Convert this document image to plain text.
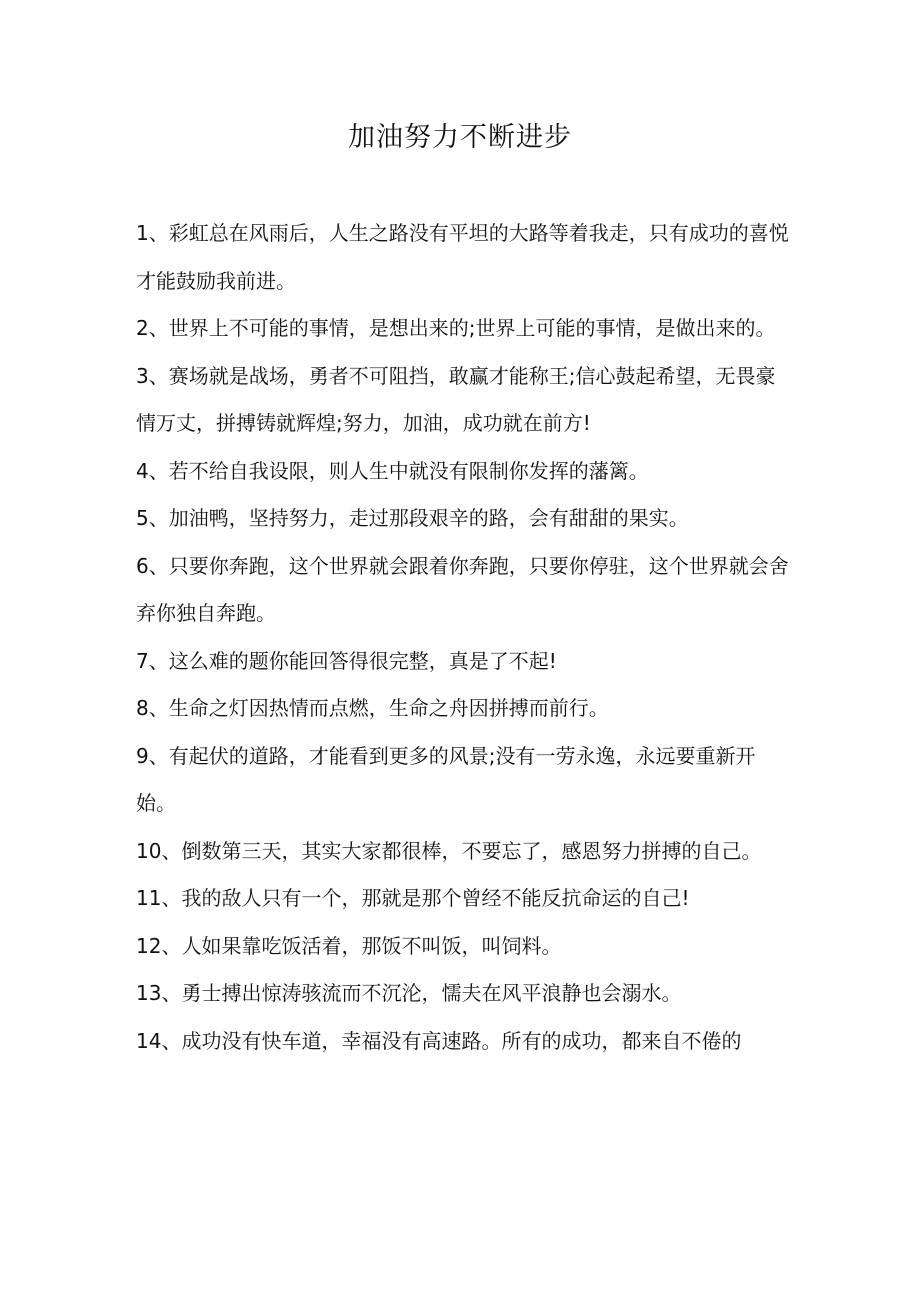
加油努力不断进步

1、彩虹总在风雨后，人生之路没有平坦的大路等着我走，只有成功的喜悦才能鼓励我前进。

2、世界上不可能的事情，是想出来的;世界上可能的事情，是做出来的。

3、赛场就是战场，勇者不可阻挡，敢赢才能称王;信心鼓起希望，无畏豪情万丈，拼搏铸就辉煌;努力，加油，成功就在前方!

4、若不给自我设限，则人生中就没有限制你发挥的藩篱。

5、加油鸭，坚持努力，走过那段艰辛的路，会有甜甜的果实。

6、只要你奔跑，这个世界就会跟着你奔跑，只要你停驻，这个世界就会舍弃你独自奔跑。

7、这么难的题你能回答得很完整，真是了不起!

8、生命之灯因热情而点燃，生命之舟因拼搏而前行。

9、有起伏的道路，才能看到更多的风景;没有一劳永逸，永远要重新开始。

10、倒数第三天，其实大家都很棒，不要忘了，感恩努力拼搏的自己。

11、我的敌人只有一个，那就是那个曾经不能反抗命运的自己!

12、人如果靠吃饭活着，那饭不叫饭，叫饲料。

13、勇士搏出惊涛骇流而不沉沦，懦夫在风平浪静也会溺水。

14、成功没有快车道，幸福没有高速路。所有的成功，都来自不倦的
